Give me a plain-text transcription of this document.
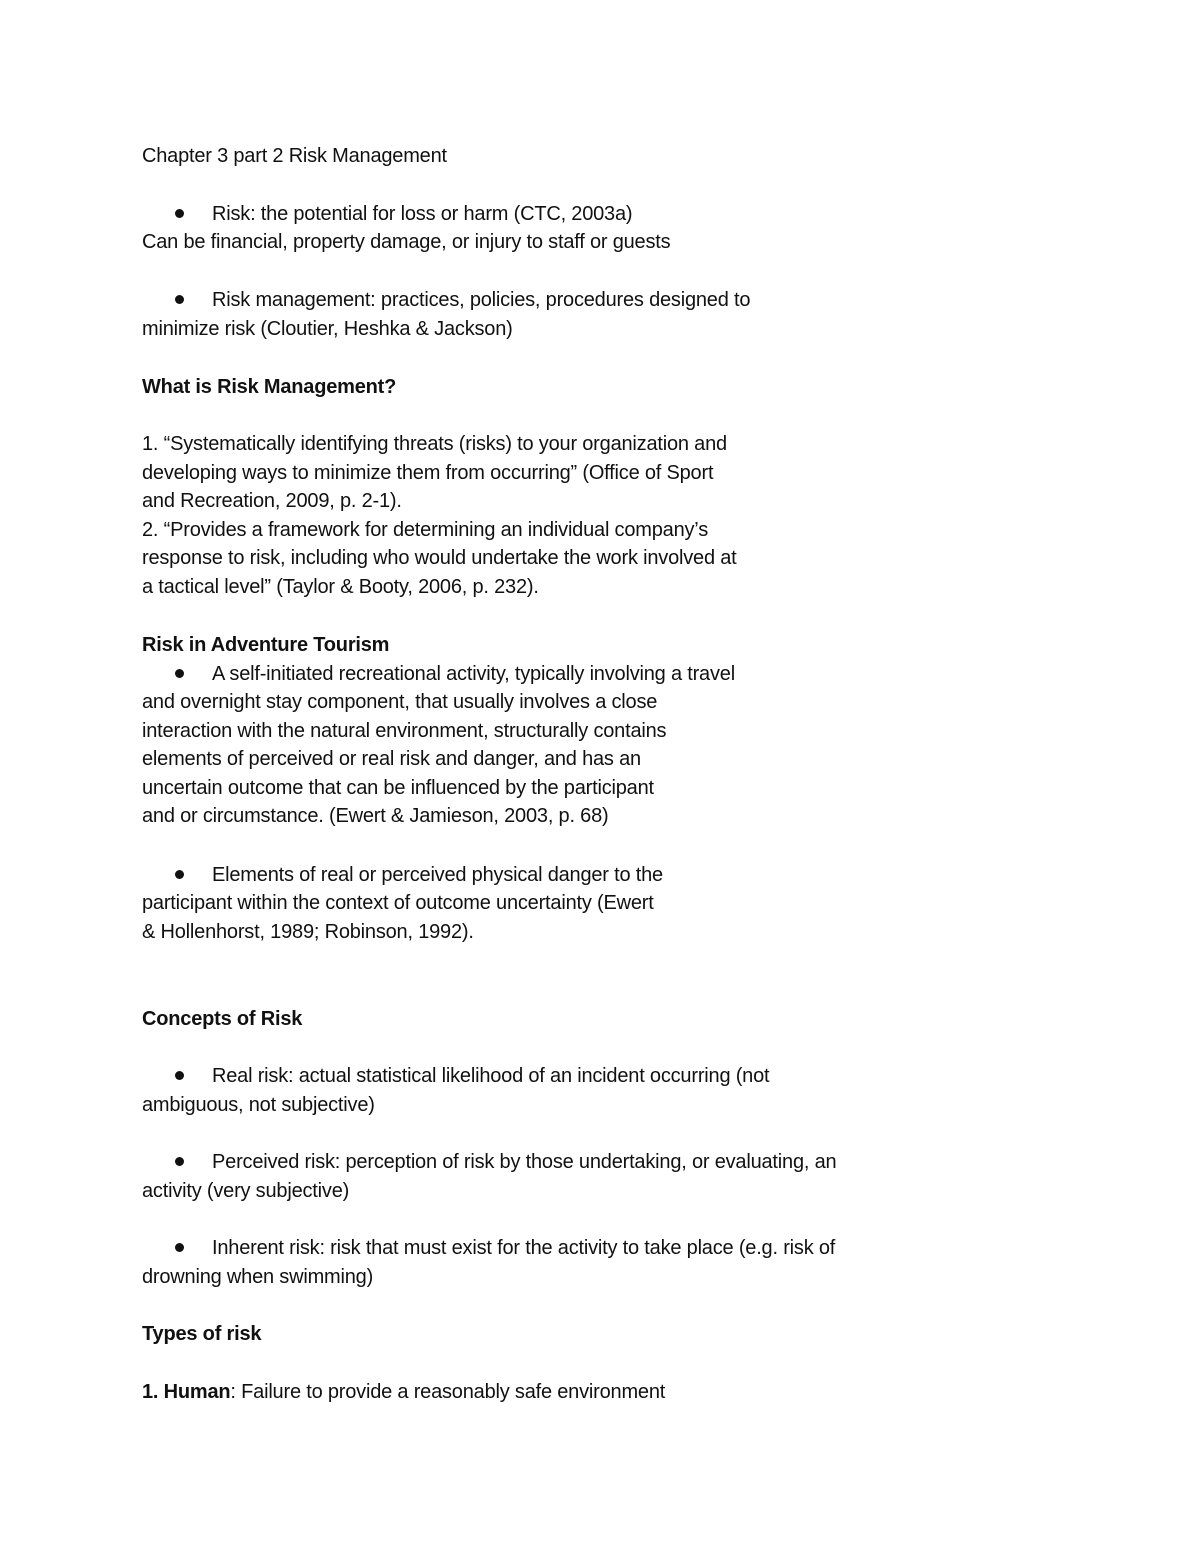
Chapter 3 part 2 Risk Management
Risk: the potential for loss or harm (CTC, 2003a)
Can be financial, property damage, or injury to staff or guests
Risk management: practices, policies, procedures designed to
minimize risk (Cloutier, Heshka & Jackson)
What is Risk Management?
1. “Systematically identifying threats (risks) to your organization and
developing ways to minimize them from occurring” (Office of Sport
and Recreation, 2009, p. 2-1).
2. “Provides a framework for determining an individual company’s
response to risk, including who would undertake the work involved at
a tactical level” (Taylor & Booty, 2006, p. 232).
Risk in Adventure Tourism
A self-initiated recreational activity, typically involving a travel
and overnight stay component, that usually involves a close
interaction with the natural environment, structurally contains
elements of perceived or real risk and danger, and has an
uncertain outcome that can be influenced by the participant
and or circumstance. (Ewert & Jamieson, 2003, p. 68)
Elements of real or perceived physical danger to the
participant within the context of outcome uncertainty (Ewert
& Hollenhorst, 1989; Robinson, 1992).
Concepts of Risk
Real risk: actual statistical likelihood of an incident occurring (not
ambiguous, not subjective)
Perceived risk: perception of risk by those undertaking, or evaluating, an
activity (very subjective)
Inherent risk: risk that must exist for the activity to take place (e.g. risk of
drowning when swimming)
Types of risk
1. Human: Failure to provide a reasonably safe environment
